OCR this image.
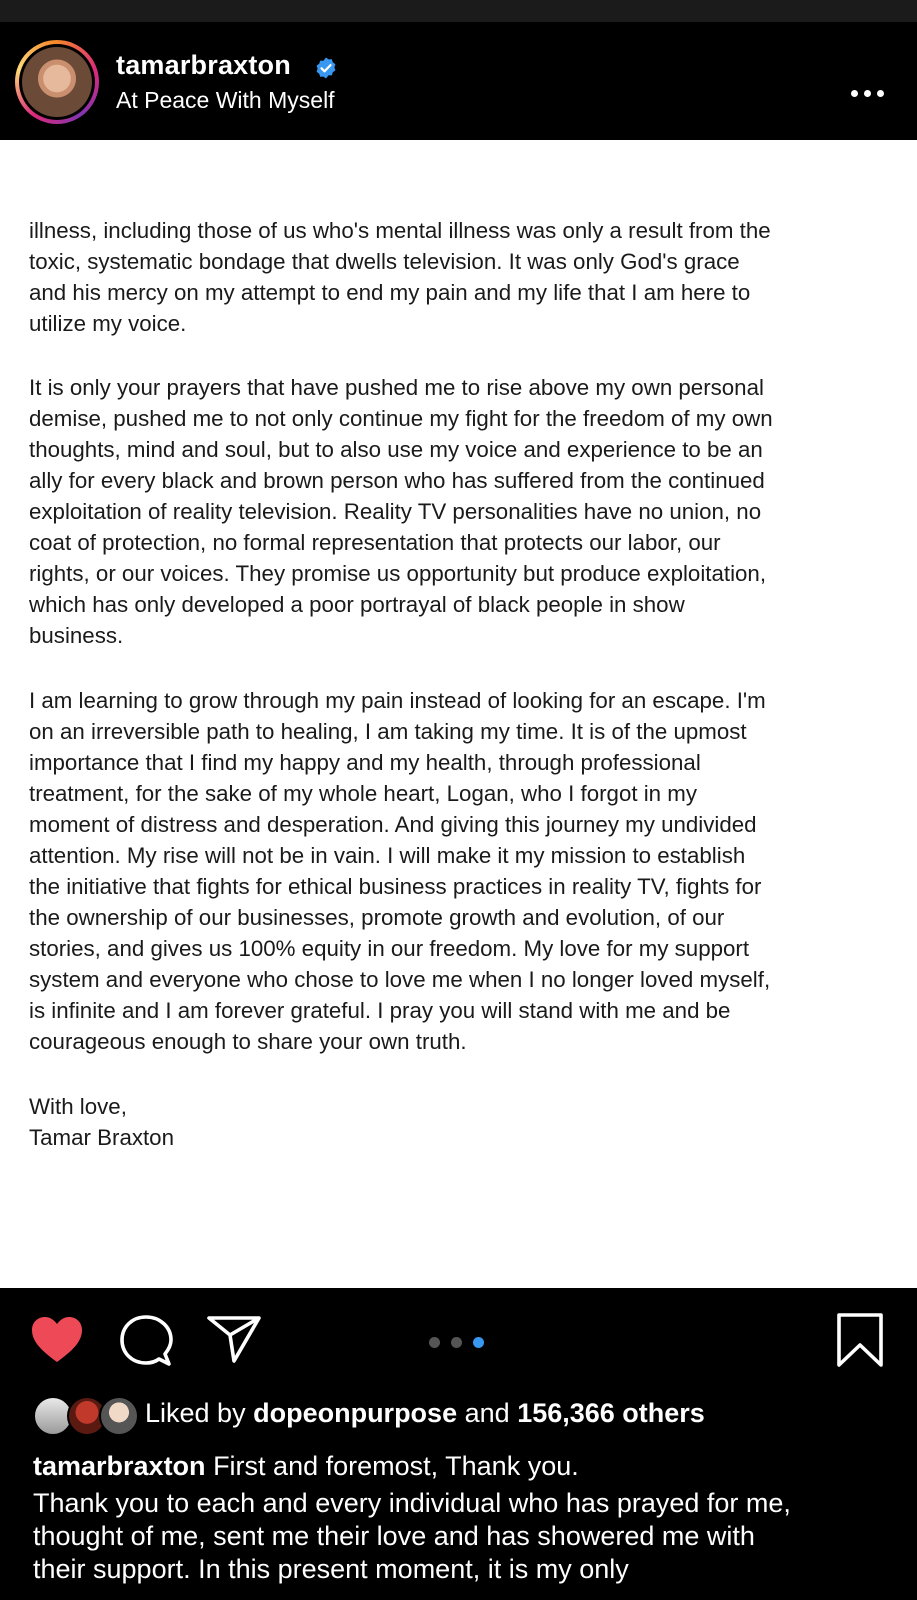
tamarbraxton
At Peace With Myself

illness, including those of us who's mental illness was only a result from the
toxic, systematic bondage that dwells television. It was only God's grace
and his mercy on my attempt to end my pain and my life that I am here to
utilize my voice.

It is only your prayers that have pushed me to rise above my own personal
demise, pushed me to not only continue my fight for the freedom of my own
thoughts, mind and soul, but to also use my voice and experience to be an
ally for every black and brown person who has suffered from the continued
exploitation of reality television. Reality TV personalities have no union, no
coat of protection, no formal representation that protects our labor, our
rights, or our voices. They promise us opportunity but produce exploitation,
which has only developed a poor portrayal of black people in show
business.

I am learning to grow through my pain instead of looking for an escape. I'm
on an irreversible path to healing, I am taking my time. It is of the upmost
importance that I find my happy and my health, through professional
treatment, for the sake of my whole heart, Logan, who I forgot in my
moment of distress and desperation. And giving this journey my undivided
attention. My rise will not be in vain. I will make it my mission to establish
the initiative that fights for ethical business practices in reality TV, fights for
the ownership of our businesses, promote growth and evolution, of our
stories, and gives us 100% equity in our freedom. My love for my support
system and everyone who chose to love me when I no longer loved myself,
is infinite and I am forever grateful. I pray you will stand with me and be
courageous enough to share your own truth.

With love,
Tamar Braxton

Liked by dopeonpurpose and 156,366 others
tamarbraxton First and foremost, Thank you.
Thank you to each and every individual who has prayed for me,
thought of me, sent me their love and has showered me with
their support. In this present moment, it is my only
